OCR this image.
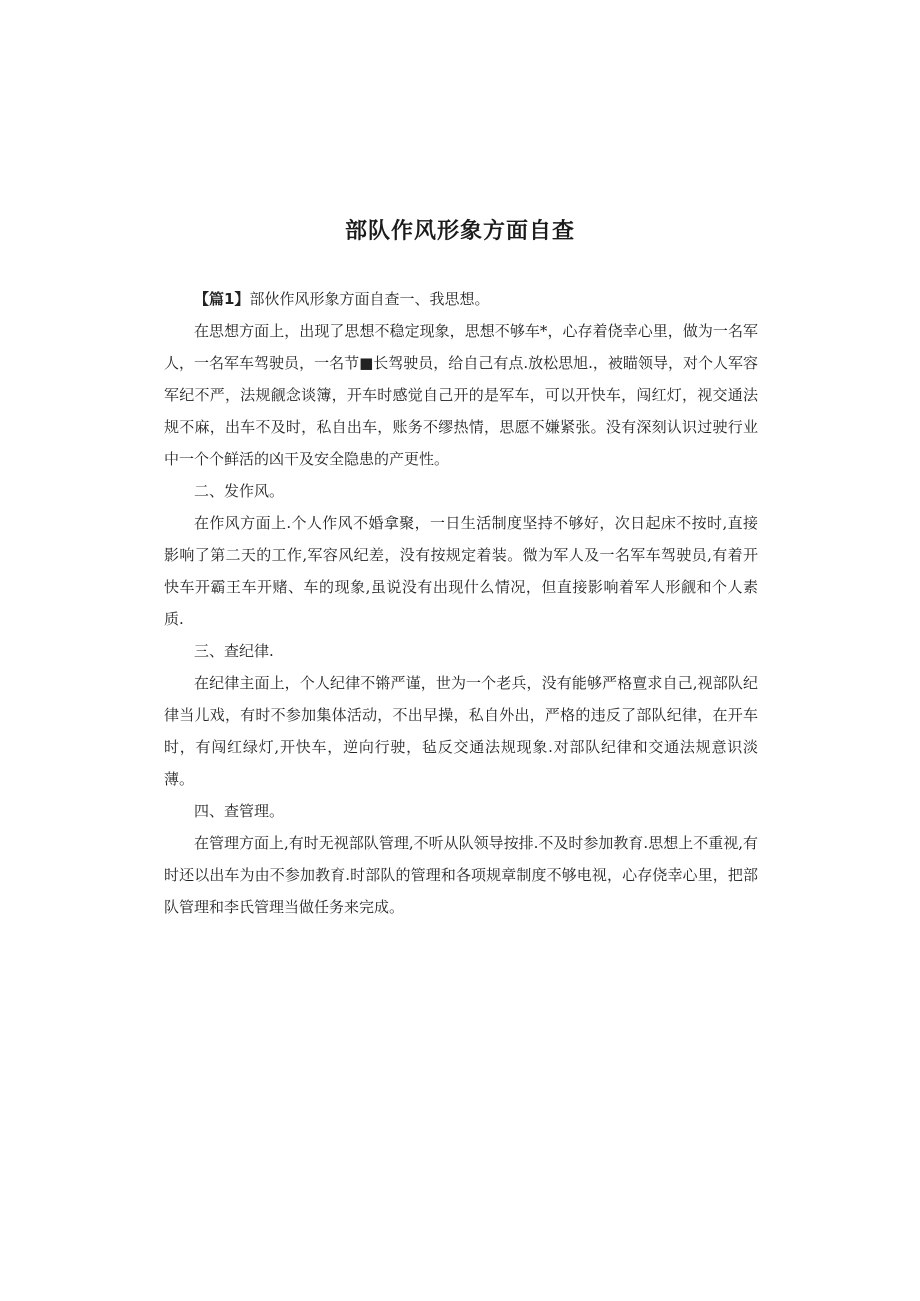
部队作风形象方面自查

【篇1】部伙作风形象方面自查一、我思想。

在思想方面上，出现了思想不稳定现象，思想不够车*，心存着侥幸心里，做为一名军人，一名军车驾驶员，一名节■长驾驶员，给自己有点.放松思旭.，被瞄领导，对个人军容军纪不严，法规觎念谈簿，开车时感觉自己开的是军车，可以开快车，闯红灯，视交通法规不麻，出车不及时，私自出车，账务不缪热情，思愿不嫌紧张。没有深刻认识过驶行业中一个个鲜活的凶干及安全隐患的产更性。

二、发作风。

在作风方面上.个人作风不婚拿聚，一日生活制度坚持不够好，次日起床不按时,直接影响了第二天的工作,军容风纪差，没有按规定着装。微为军人及一名军车驾驶员,有着开快车开霸王车开赌、车的现象,虽说没有出现什么情况，但直接影响着军人形觎和个人素质.

三、查纪律.

在纪律主面上，个人纪律不锵严谨，世为一个老兵，没有能够严格亶求自己,视部队纪律当儿戏，有时不参加集体活动，不出早操，私自外出，严格的违反了部队纪律，在开车时，有闯红绿灯,开快车，逆向行驶，毡反交通法规现象.对部队纪律和交通法规意识淡薄。

四、查管理。

在管理方面上,有时无视部队管理,不听从队领导按排.不及时参加教育.思想上不重视,有时还以出车为由不参加教育.时部队的管理和各项规章制度不够电视，心存侥幸心里，把部队管理和李氏管理当做任务来完成。
